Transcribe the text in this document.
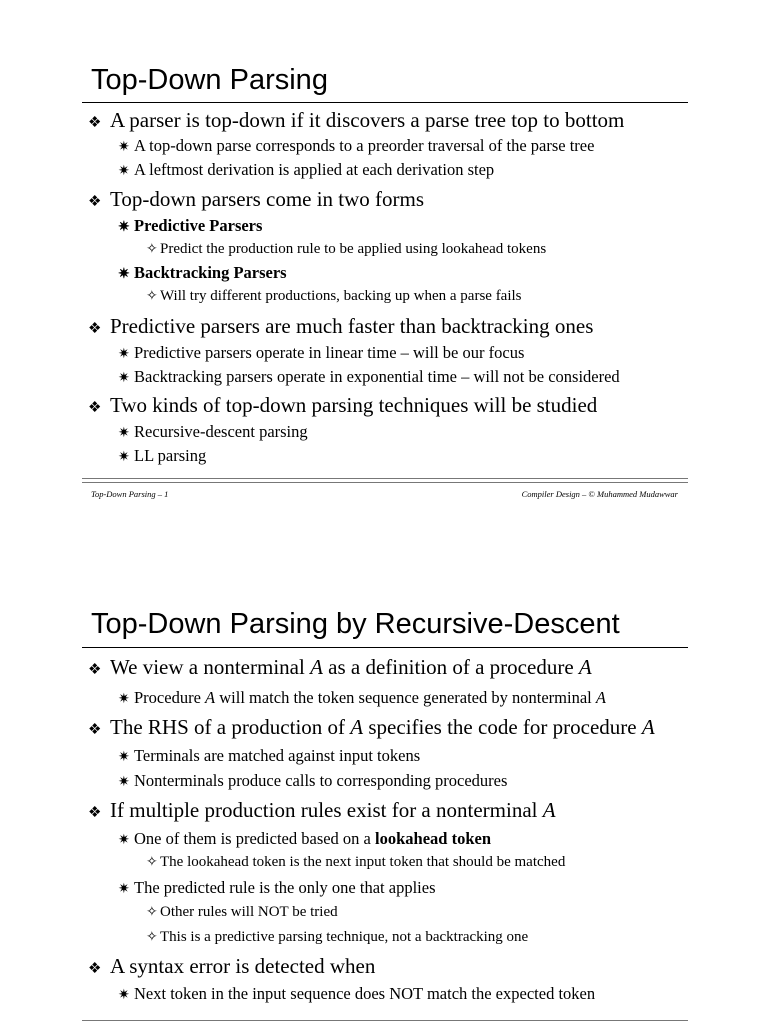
Top-Down Parsing

❖ A parser is top-down if it discovers a parse tree top to bottom

✷ A top-down parse corresponds to a preorder traversal of the parse tree

✷ A leftmost derivation is applied at each derivation step

❖ Top-down parsers come in two forms

✷ Predictive Parsers

✧ Predict the production rule to be applied using lookahead tokens

✷ Backtracking Parsers

✧ Will try different productions, backing up when a parse fails

❖ Predictive parsers are much faster than backtracking ones

✷ Predictive parsers operate in linear time – will be our focus

✷ Backtracking parsers operate in exponential time – will not be considered

❖ Two kinds of top-down parsing techniques will be studied

✷ Recursive-descent parsing

✷ LL parsing

Top-Down Parsing – 1	Compiler Design – © Muhammed Mudawwar
Top-Down Parsing by Recursive-Descent

❖ We view a nonterminal A as a definition of a procedure A

✷ Procedure A will match the token sequence generated by nonterminal A

❖ The RHS of a production of A specifies the code for procedure A

✷ Terminals are matched against input tokens

✷ Nonterminals produce calls to corresponding procedures

❖ If multiple production rules exist for a nonterminal A

✷ One of them is predicted based on a lookahead token

✧ The lookahead token is the next input token that should be matched

✷ The predicted rule is the only one that applies

✧ Other rules will NOT be tried

✧ This is a predictive parsing technique, not a backtracking one

❖ A syntax error is detected when

✷ Next token in the input sequence does NOT match the expected token
